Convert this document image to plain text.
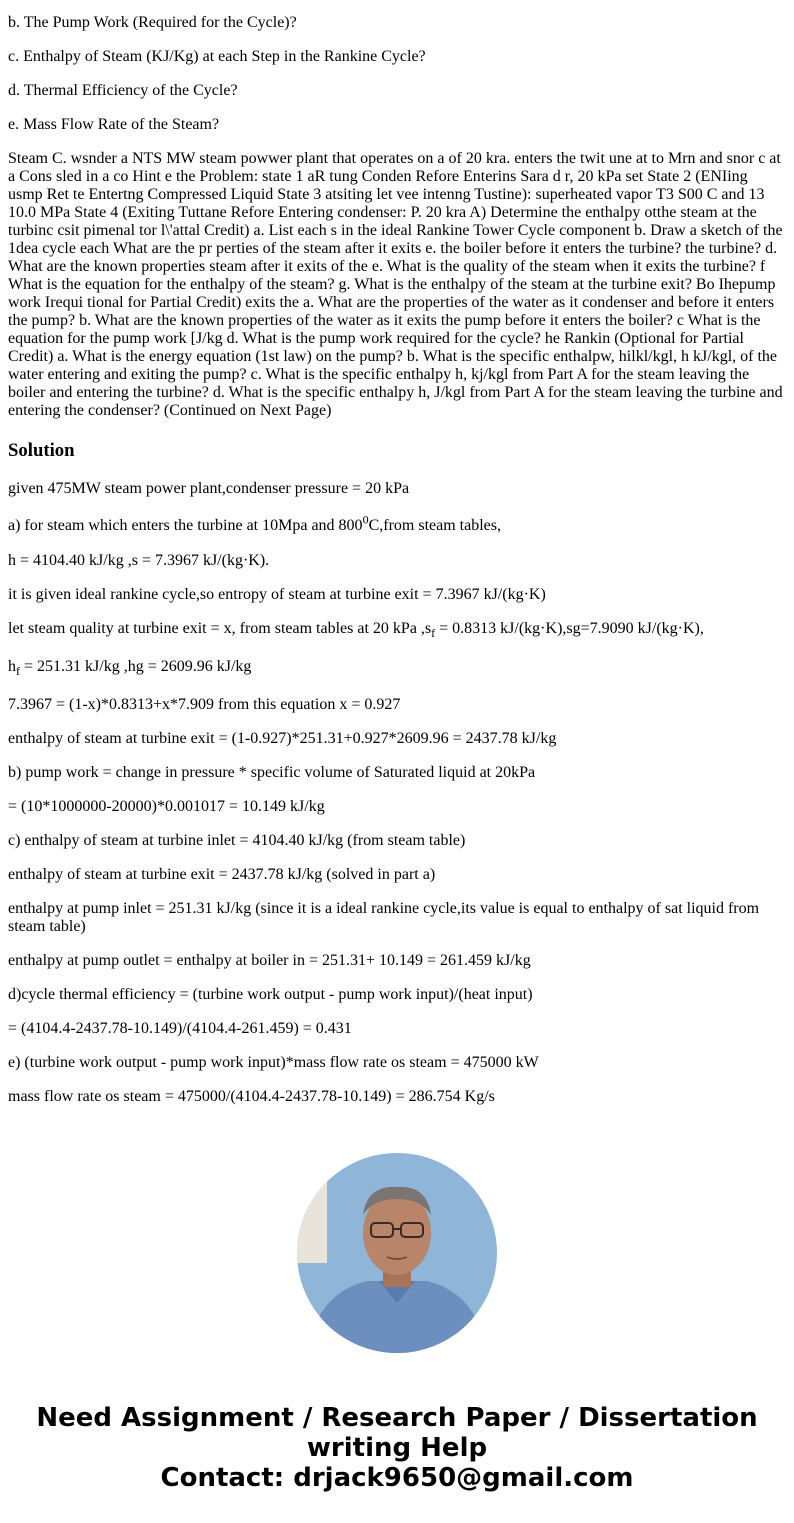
b. The Pump Work (Required for the Cycle)?

c. Enthalpy of Steam (KJ/Kg) at each Step in the Rankine Cycle?

d. Thermal Efficiency of the Cycle?

e. Mass Flow Rate of the Steam?

Steam C. wsnder a NTS MW steam powwer plant that operates on a of 20 kra. enters the twit une at to Mrn and snor c at a Cons sled in a co Hint e the Problem: state 1 aR tung Conden Refore Enterins Sara d r, 20 kPa set State 2 (ENIing usmp Ret te Entertng Compressed Liquid State 3 atsiting let vee intenng Tustine): superheated vapor T3 S00 C and 13 10.0 MPa State 4 (Exiting Tuttane Refore Entering condenser: P. 20 kra A) Determine the enthalpy otthe steam at the turbinc csit pimenal tor l\'attal Credit) a. List each s in the ideal Rankine Tower Cycle component b. Draw a sketch of the 1dea cycle each What are the pr perties of the steam after it exits e. the boiler before it enters the turbine? the turbine? d. What are the known properties steam after it exits of the e. What is the quality of the steam when it exits the turbine? f What is the equation for the enthalpy of the steam? g. What is the enthalpy of the steam at the turbine exit? Bo Ihepump work Irequi tional for Partial Credit) exits the a. What are the properties of the water as it condenser and before it enters the pump? b. What are the known properties of the water as it exits the pump before it enters the boiler? c What is the equation for the pump work [J/kg d. What is the pump work required for the cycle? he Rankin (Optional for Partial Credit) a. What is the energy equation (1st law) on the pump? b. What is the specific enthalpw, hilkl/kgl, h kJ/kgl, of the water entering and exiting the pump? c. What is the specific enthalpy h, kj/kgl from Part A for the steam leaving the boiler and entering the turbine? d. What is the specific enthalpy h, J/kgl from Part A for the steam leaving the turbine and entering the condenser? (Continued on Next Page)

Solution

given 475MW steam power plant,condenser pressure = 20 kPa

a) for steam which enters the turbine at 10Mpa and $800^0C,from$ steam tables,

h = 4104.40 kJ/kg ,s = 7.3967 kJ/(kg·K).

it is given ideal rankine cycle,so entropy of steam at turbine exit = 7.3967 kJ/(kg·K)

let steam quality at turbine exit = x, from steam tables at 20 kPa $,s_f = 0.8313$ kJ/(kg·K),sg=7.9090 kJ/(kg·K),

$h_f = 251.31$ kJ/kg ,hg = 2609.96 kJ/kg

7.3967 = (1-x)*0.8313+x*7.909 from this equation x = 0.927

enthalpy of steam at turbine exit = (1-0.927)*251.31+0.927*2609.96 = 2437.78 kJ/kg

b) pump work = change in pressure * specific volume of Saturated liquid at 20kPa

= (10*1000000-20000)*0.001017 = 10.149 kJ/kg

c) enthalpy of steam at turbine inlet = 4104.40 kJ/kg (from steam table)

enthalpy of steam at turbine exit = 2437.78 kJ/kg (solved in part a)

enthalpy at pump inlet = 251.31 kJ/kg (since it is a ideal rankine cycle,its value is equal to enthalpy of sat liquid from steam table)

enthalpy at pump outlet = enthalpy at boiler in = 251.31+ 10.149 = 261.459 kJ/kg

d)cycle thermal efficiency = (turbine work output - pump work input)/(heat input)

= (4104.4-2437.78-10.149)/(4104.4-261.459) = 0.431

e) (turbine work output - pump work input)*mass flow rate os steam = 475000 kW

mass flow rate os steam = 475000/(4104.4-2437.78-10.149) = 286.754 Kg/s

Need Assignment / Research Paper / Dissertation
writing Help
Contact: drjack9650@gmail.com
